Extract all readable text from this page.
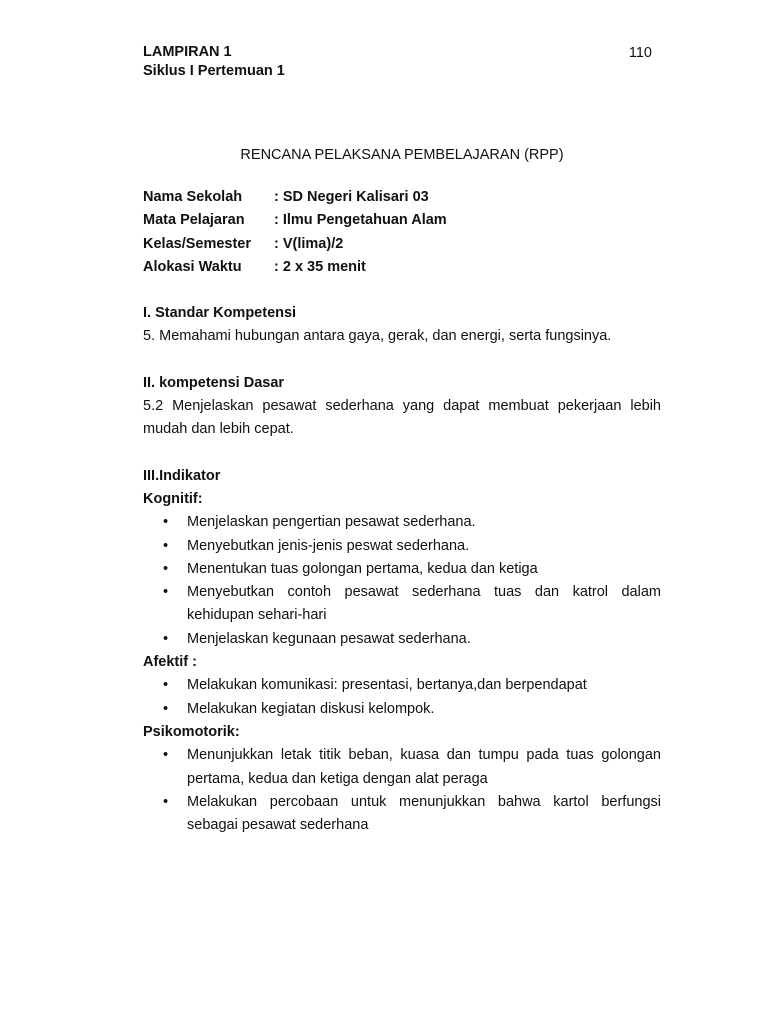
LAMPIRAN 1
Siklus I Pertemuan 1
110
RENCANA PELAKSANA PEMBELAJARAN (RPP)
Nama Sekolah	: SD Negeri Kalisari 03
Mata Pelajaran	: Ilmu Pengetahuan Alam
Kelas/Semester	: V(lima)/2
Alokasi Waktu	: 2 x 35 menit
I. Standar Kompetensi
5. Memahami hubungan antara gaya, gerak, dan energi, serta fungsinya.
II. kompetensi Dasar
5.2 Menjelaskan pesawat sederhana yang dapat membuat pekerjaan lebih mudah dan lebih cepat.
III.Indikator
Kognitif:
• Menjelaskan pengertian pesawat sederhana.
• Menyebutkan jenis-jenis peswat sederhana.
• Menentukan tuas golongan pertama, kedua dan ketiga
• Menyebutkan contoh pesawat sederhana tuas dan katrol dalam kehidupan sehari-hari
• Menjelaskan kegunaan pesawat sederhana.
Afektif :
• Melakukan komunikasi: presentasi, bertanya,dan berpendapat
• Melakukan kegiatan diskusi kelompok.
Psikomotorik:
• Menunjukkan letak titik beban, kuasa dan tumpu pada tuas golongan pertama, kedua dan ketiga dengan alat peraga
• Melakukan percobaan untuk menunjukkan bahwa kartol berfungsi sebagai pesawat sederhana
